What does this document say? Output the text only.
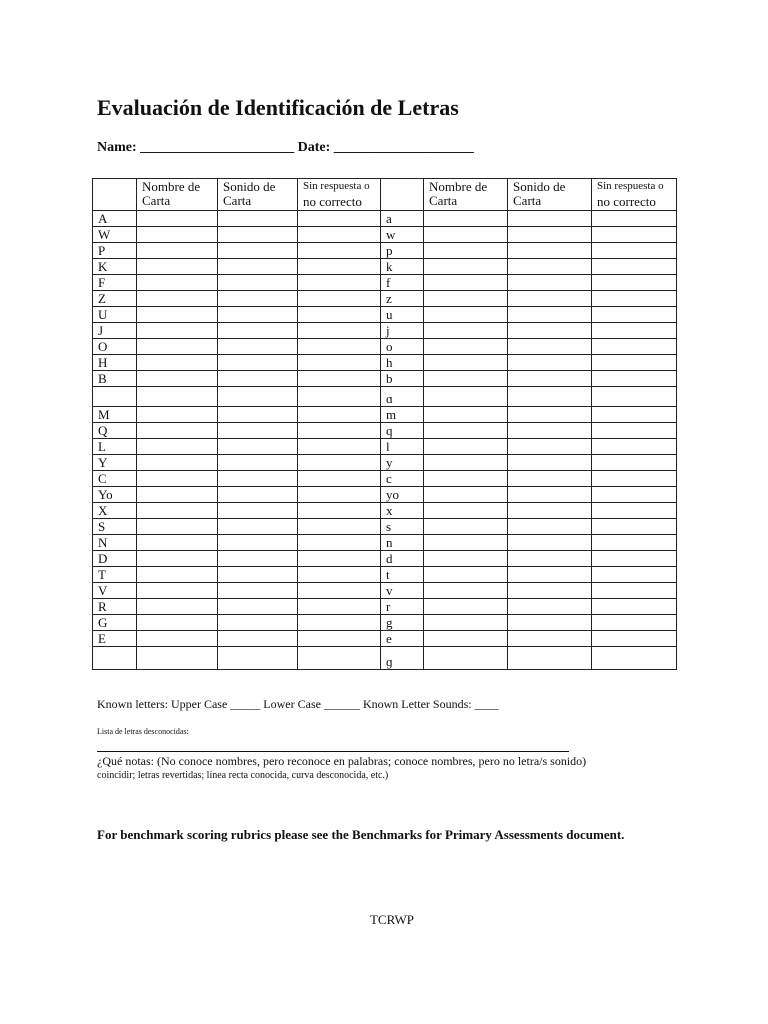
Evaluación de Identificación de Letras
Name: ______________________ Date: ____________________
	Nombre de Carta	Sonido de Carta	Sin respuesta o
no correcto		Nombre de Carta	Sonido de Carta	Sin respuesta o
no correcto

A				a			
W				w			
P				p			
K				k			
F				f			
Z				z			
U				u			
J				j			
O				o			
H				h			
B				b			
				ɑ			
M				m			
Q				q			
L				l			
Y				y			
C				c			
Yo				yo			
X				x			
S				s			
N				n			
D				d			
T				t			
V				v			
R				r			
G				g			
E				e			
				ɡ			
Known letters: Upper Case _____ Lower Case ______ Known Letter Sounds: ____
Lista de letras desconocidas:
¿Qué notas: (No conoce nombres, pero reconoce en palabras; conoce nombres, pero no letra/s sonido)
coincidir; letras revertidas; línea recta conocida, curva desconocida, etc.)
For benchmark scoring rubrics please see the Benchmarks for Primary Assessments document.
TCRWP
